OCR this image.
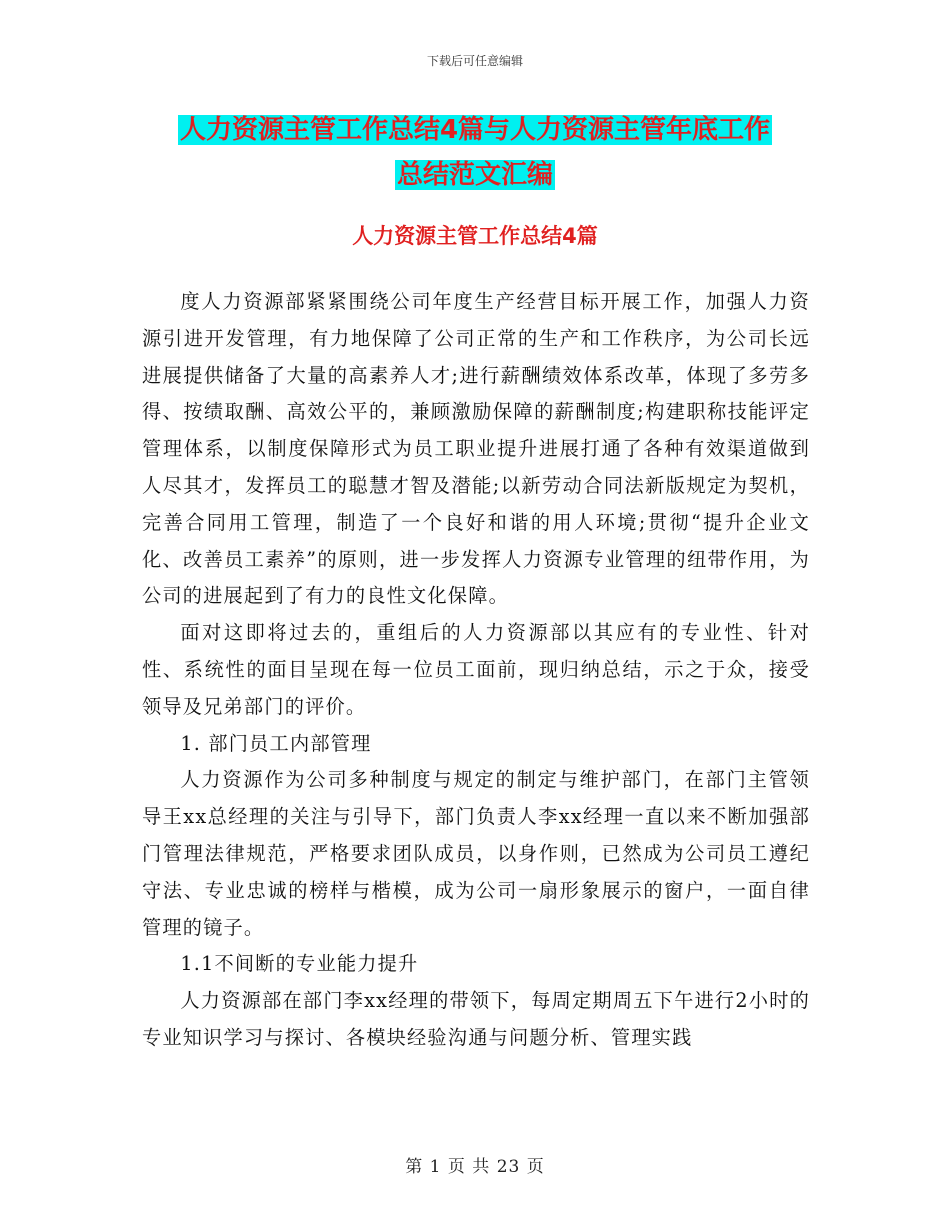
下载后可任意编辑
人力资源主管工作总结4篇与人力资源主管年底工作
总结范文汇编
人力资源主管工作总结4篇

度人力资源部紧紧围绕公司年度生产经营目标开展工作，加强人力资源引进开发管理，有力地保障了公司正常的生产和工作秩序，为公司长远进展提供储备了大量的高素养人才;进行薪酬绩效体系改革，体现了多劳多得、按绩取酬、高效公平的，兼顾激励保障的薪酬制度;构建职称技能评定管理体系，以制度保障形式为员工职业提升进展打通了各种有效渠道做到人尽其才，发挥员工的聪慧才智及潜能;以新劳动合同法新版规定为契机，完善合同用工管理，制造了一个良好和谐的用人环境;贯彻“提升企业文化、改善员工素养”的原则，进一步发挥人力资源专业管理的纽带作用，为公司的进展起到了有力的良性文化保障。

面对这即将过去的，重组后的人力资源部以其应有的专业性、针对性、系统性的面目呈现在每一位员工面前，现归纳总结，示之于众，接受领导及兄弟部门的评价。

1. 部门员工内部管理

人力资源作为公司多种制度与规定的制定与维护部门，在部门主管领导王xx总经理的关注与引导下，部门负责人李xx经理一直以来不断加强部门管理法律规范，严格要求团队成员，以身作则，已然成为公司员工遵纪守法、专业忠诚的榜样与楷模，成为公司一扇形象展示的窗户，一面自律管理的镜子。

1.1不间断的专业能力提升

人力资源部在部门李xx经理的带领下，每周定期周五下午进行2小时的专业知识学习与探讨、各模块经验沟通与问题分析、管理实践

第 1 页 共 23 页
